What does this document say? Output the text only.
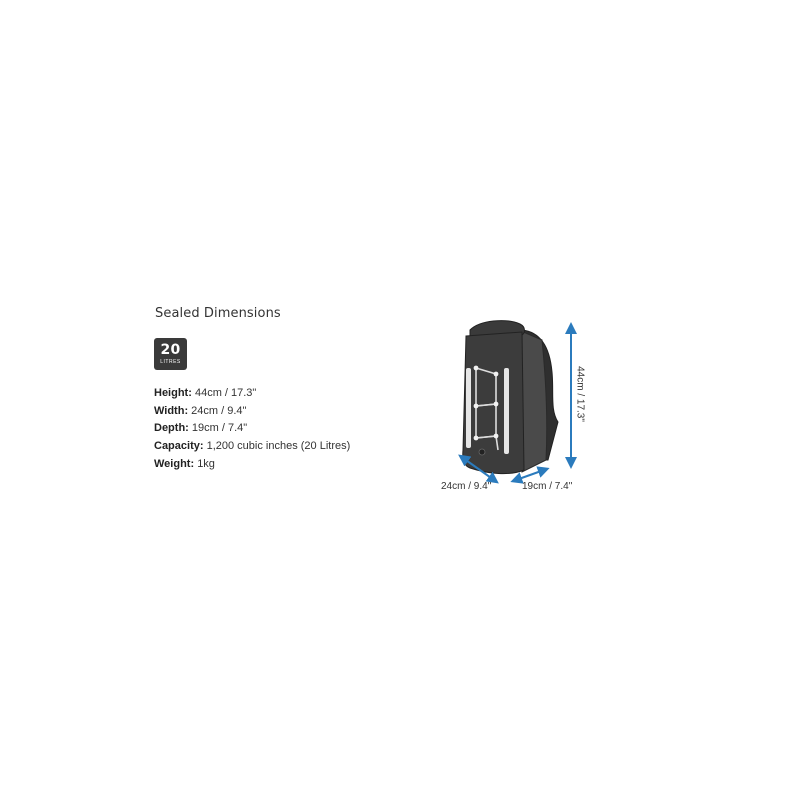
Sealed Dimensions
20
LITRES
Height: 44cm / 17.3"
Width: 24cm / 9.4"
Depth: 19cm / 7.4"
Capacity: 1,200 cubic inches (20 Litres)
Weight: 1kg
24cm / 9.4"	19cm / 7.4"
44cm / 17.3"
